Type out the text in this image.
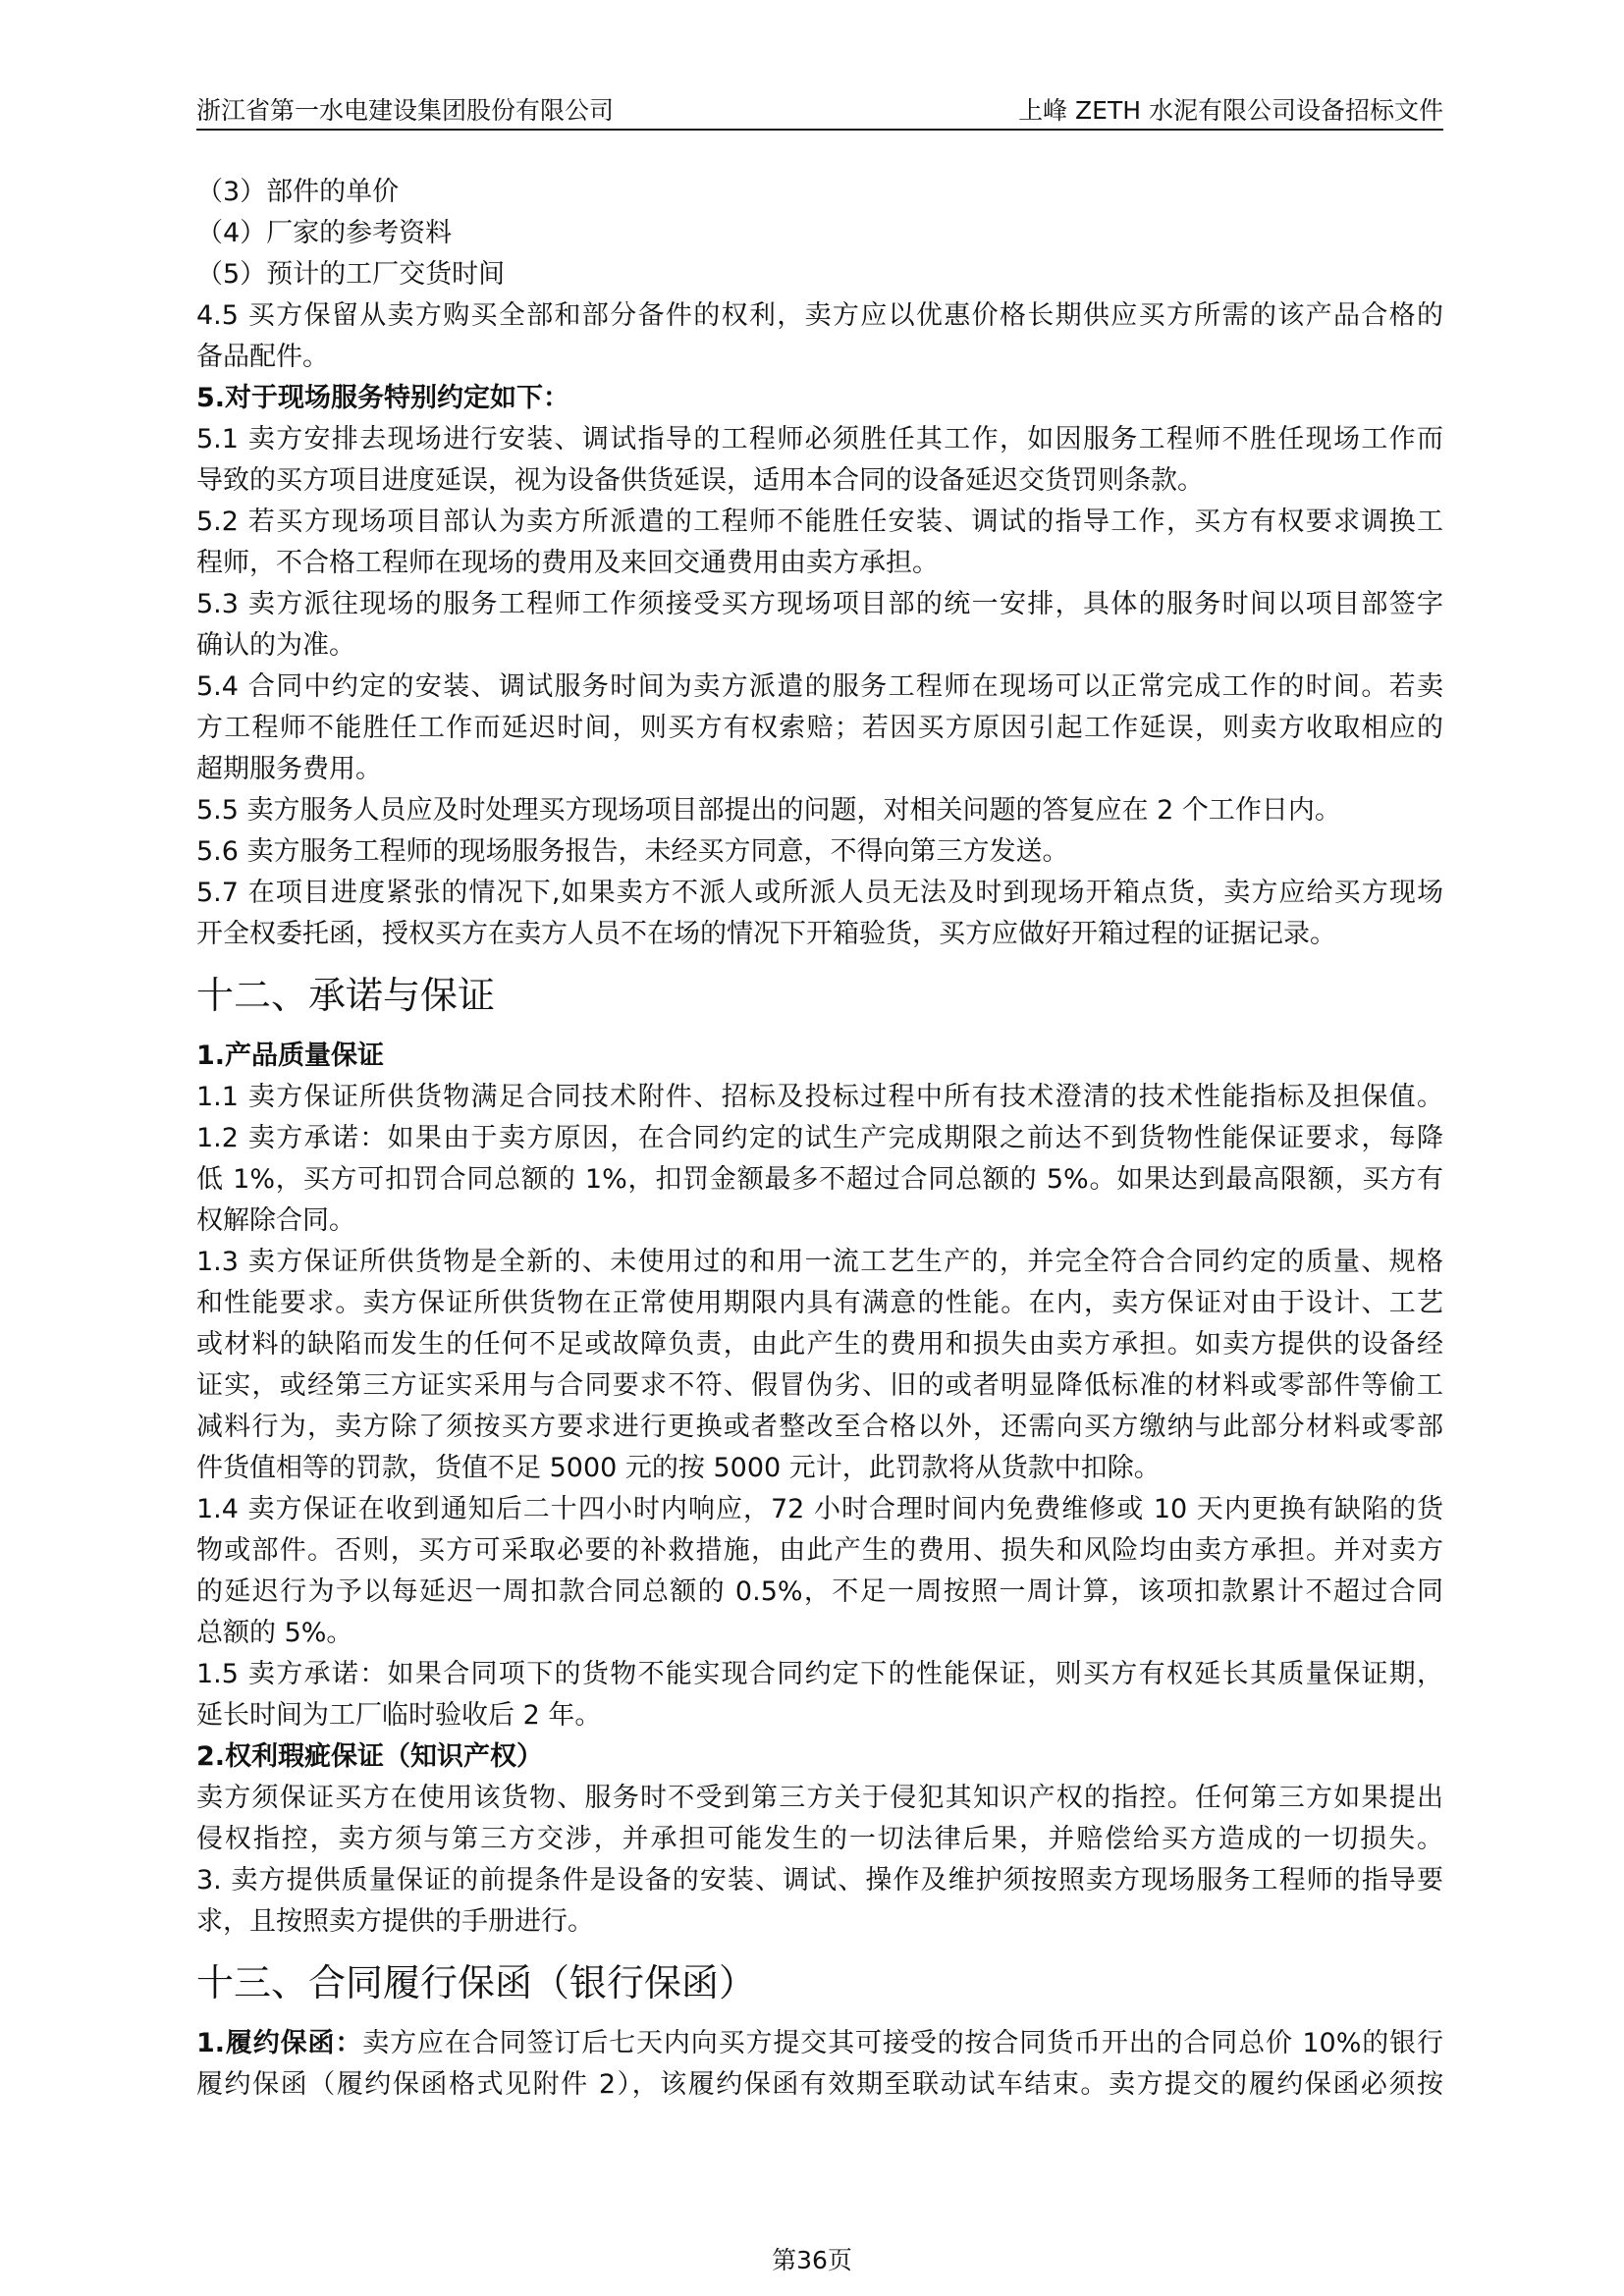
浙江省第一水电建设集团股份有限公司	上峰 ZETH 水泥有限公司设备招标文件
（3）部件的单价
（4）厂家的参考资料
（5）预计的工厂交货时间
4.5 买方保留从卖方购买全部和部分备件的权利，卖方应以优惠价格长期供应买方所需的该产品合格的
备品配件。
5.对于现场服务特别约定如下：
5.1 卖方安排去现场进行安装、调试指导的工程师必须胜任其工作，如因服务工程师不胜任现场工作而
导致的买方项目进度延误，视为设备供货延误，适用本合同的设备延迟交货罚则条款。
5.2 若买方现场项目部认为卖方所派遣的工程师不能胜任安装、调试的指导工作，买方有权要求调换工
程师，不合格工程师在现场的费用及来回交通费用由卖方承担。
5.3 卖方派往现场的服务工程师工作须接受买方现场项目部的统一安排，具体的服务时间以项目部签字
确认的为准。
5.4 合同中约定的安装、调试服务时间为卖方派遣的服务工程师在现场可以正常完成工作的时间。若卖
方工程师不能胜任工作而延迟时间，则买方有权索赔；若因买方原因引起工作延误，则卖方收取相应的
超期服务费用。
5.5 卖方服务人员应及时处理买方现场项目部提出的问题，对相关问题的答复应在 2 个工作日内。
5.6 卖方服务工程师的现场服务报告，未经买方同意，不得向第三方发送。
5.7 在项目进度紧张的情况下,如果卖方不派人或所派人员无法及时到现场开箱点货，卖方应给买方现场
开全权委托函，授权买方在卖方人员不在场的情况下开箱验货，买方应做好开箱过程的证据记录。
十二、承诺与保证
1.产品质量保证
1.1 卖方保证所供货物满足合同技术附件、招标及投标过程中所有技术澄清的技术性能指标及担保值。
1.2 卖方承诺：如果由于卖方原因，在合同约定的试生产完成期限之前达不到货物性能保证要求，每降
低 1%，买方可扣罚合同总额的 1%，扣罚金额最多不超过合同总额的 5%。如果达到最高限额，买方有
权解除合同。
1.3 卖方保证所供货物是全新的、未使用过的和用一流工艺生产的，并完全符合合同约定的质量、规格
和性能要求。卖方保证所供货物在正常使用期限内具有满意的性能。在内，卖方保证对由于设计、工艺
或材料的缺陷而发生的任何不足或故障负责，由此产生的费用和损失由卖方承担。如卖方提供的设备经
证实，或经第三方证实采用与合同要求不符、假冒伪劣、旧的或者明显降低标准的材料或零部件等偷工
减料行为，卖方除了须按买方要求进行更换或者整改至合格以外，还需向买方缴纳与此部分材料或零部
件货值相等的罚款，货值不足 5000 元的按 5000 元计，此罚款将从货款中扣除。
1.4 卖方保证在收到通知后二十四小时内响应，72 小时合理时间内免费维修或 10 天内更换有缺陷的货
物或部件。否则，买方可采取必要的补救措施，由此产生的费用、损失和风险均由卖方承担。并对卖方
的延迟行为予以每延迟一周扣款合同总额的 0.5%，不足一周按照一周计算，该项扣款累计不超过合同
总额的 5%。
1.5 卖方承诺：如果合同项下的货物不能实现合同约定下的性能保证，则买方有权延长其质量保证期，
延长时间为工厂临时验收后 2 年。
2.权利瑕疵保证（知识产权）
卖方须保证买方在使用该货物、服务时不受到第三方关于侵犯其知识产权的指控。任何第三方如果提出
侵权指控，卖方须与第三方交涉，并承担可能发生的一切法律后果，并赔偿给买方造成的一切损失。
3. 卖方提供质量保证的前提条件是设备的安装、调试、操作及维护须按照卖方现场服务工程师的指导要
求，且按照卖方提供的手册进行。
十三、合同履行保函（银行保函）
1.履约保函：卖方应在合同签订后七天内向买方提交其可接受的按合同货币开出的合同总价 10%的银行
履约保函（履约保函格式见附件 2），该履约保函有效期至联动试车结束。卖方提交的履约保函必须按
第36页
